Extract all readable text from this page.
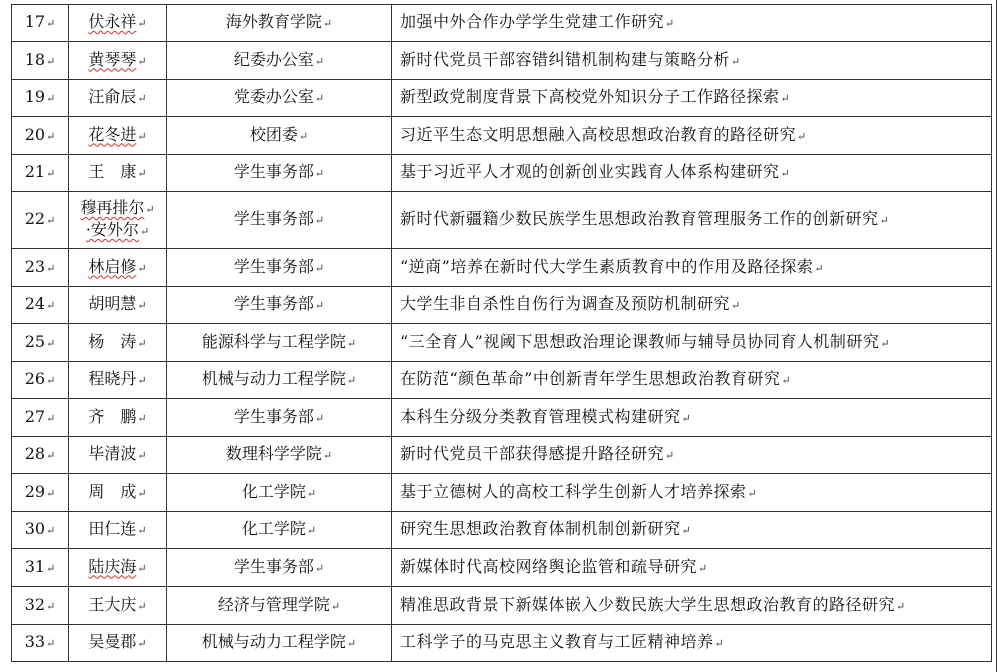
17↵	伏永祥↵	海外教育学院↵	加强中外合作办学学生党建工作研究↵
18↵	黄琴琴↵	纪委办公室↵	新时代党员干部容错纠错机制构建与策略分析↵
19↵	汪俞辰↵	党委办公室↵	新型政党制度背景下高校党外知识分子工作路径探索↵
20↵	花冬进↵	校团委↵	习近平生态文明思想融入高校思想政治教育的路径研究↵
21↵	王　康↵	学生事务部↵	基于习近平人才观的创新创业实践育人体系构建研究↵
22↵	穆再排尔↵
·安外尔↵	学生事务部↵	新时代新疆籍少数民族学生思想政治教育管理服务工作的创新研究↵
23↵	林启修↵	学生事务部↵	“逆商”培养在新时代大学生素质教育中的作用及路径探索↵
24↵	胡明慧↵	学生事务部↵	大学生非自杀性自伤行为调查及预防机制研究↵
25↵	杨　涛↵	能源科学与工程学院↵	“三全育人”视阈下思想政治理论课教师与辅导员协同育人机制研究↵
26↵	程晓丹↵	机械与动力工程学院↵	在防范“颜色革命”中创新青年学生思想政治教育研究↵
27↵	齐　鹏↵	学生事务部↵	本科生分级分类教育管理模式构建研究↵
28↵	毕清波↵	数理科学学院↵	新时代党员干部获得感提升路径研究↵
29↵	周　成↵	化工学院↵	基于立德树人的高校工科学生创新人才培养探索↵
30↵	田仁连↵	化工学院↵	研究生思想政治教育体制机制创新研究↵
31↵	陆庆海↵	学生事务部↵	新媒体时代高校网络舆论监管和疏导研究↵
32↵	王大庆↵	经济与管理学院↵	精准思政背景下新媒体嵌入少数民族大学生思想政治教育的路径研究↵
33↵	吴曼郡↵	机械与动力工程学院↵	工科学子的马克思主义教育与工匠精神培养↵
